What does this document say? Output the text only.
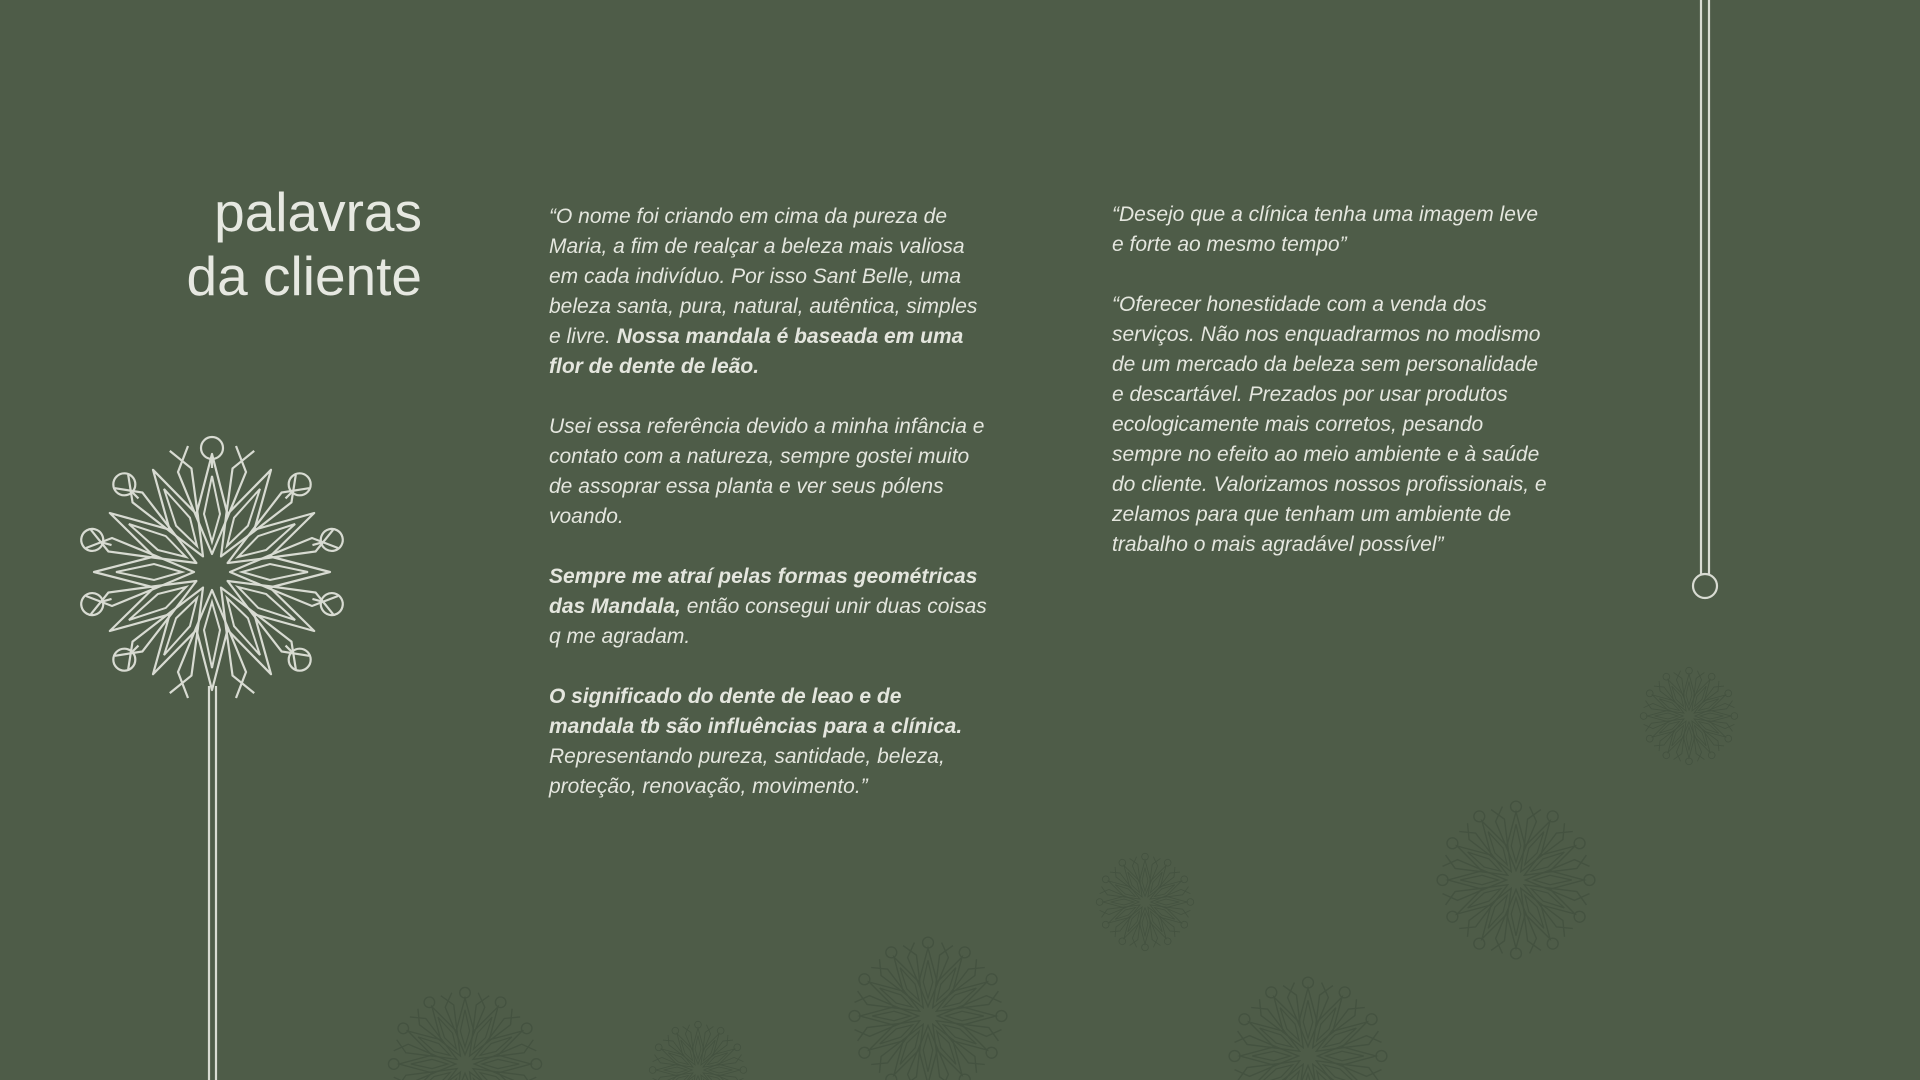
palavras
da cliente

“O nome foi criando em cima da pureza de Maria, a fim de realçar a beleza mais valiosa em cada indivíduo. Por isso Sant Belle, uma beleza santa, pura, natural, autêntica, simples e livre. Nossa mandala é baseada em uma flor de dente de leão.

Usei essa referência devido a minha infância e contato com a natureza, sempre gostei muito de assoprar essa planta e ver seus pólens voando.

Sempre me atraí pelas formas geométricas das Mandala, então consegui unir duas coisas q me agradam.

O significado do dente de leao e de mandala tb são influências para a clínica. Representando pureza, santidade, beleza, proteção, renovação, movimento.”

“Desejo que a clínica tenha uma imagem leve e forte ao mesmo tempo”

“Oferecer honestidade com a venda dos serviços. Não nos enquadrarmos no modismo de um mercado da beleza sem personalidade e descartável. Prezados por usar produtos ecologicamente mais corretos, pesando sempre no efeito ao meio ambiente e à saúde do cliente. Valorizamos nossos profissionais, e zelamos para que tenham um ambiente de trabalho o mais agradável possível”
